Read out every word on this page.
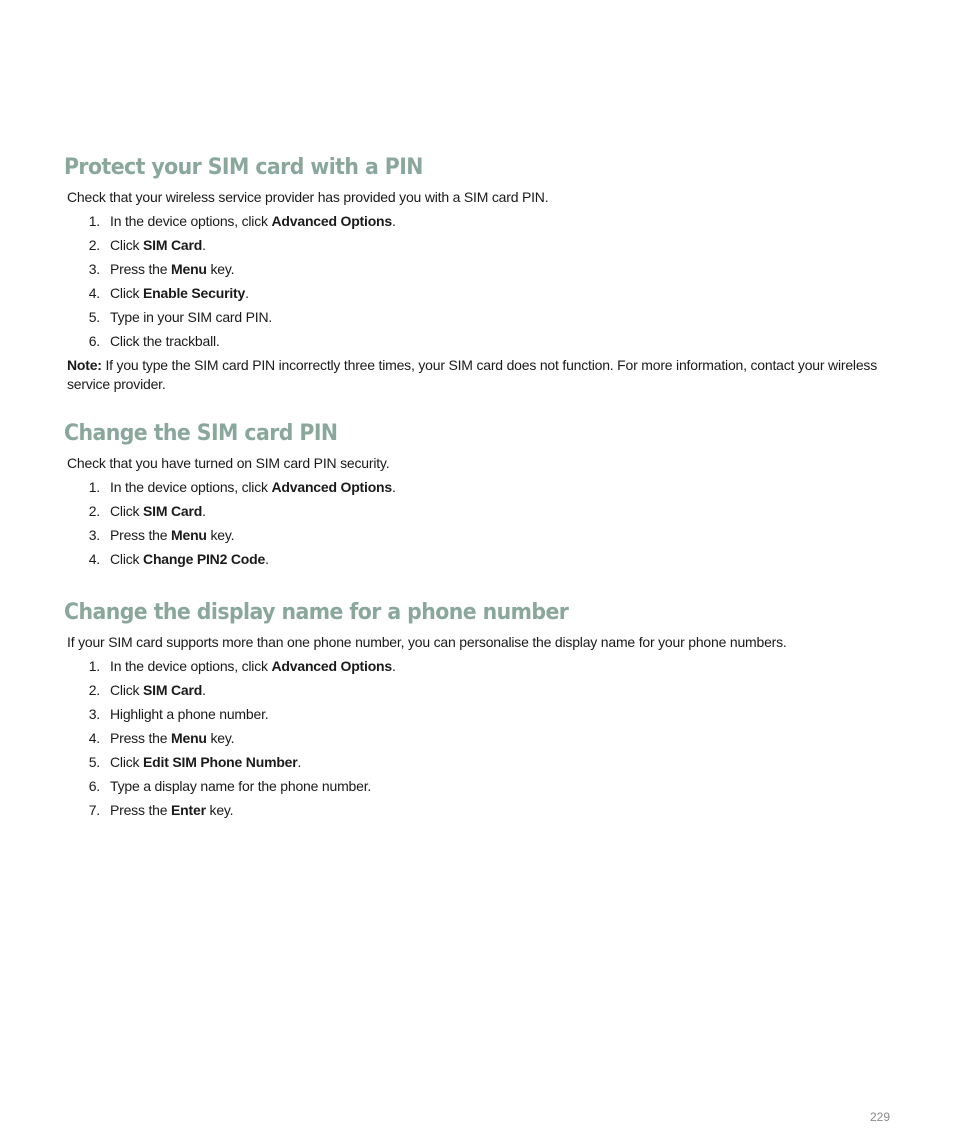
Protect your SIM card with a PIN

Check that your wireless service provider has provided you with a SIM card PIN.

1. In the device options, click Advanced Options.
2. Click SIM Card.
3. Press the Menu key.
4. Click Enable Security.
5. Type in your SIM card PIN.
6. Click the trackball.

Note: If you type the SIM card PIN incorrectly three times, your SIM card does not function. For more information, contact your wireless service provider.

Change the SIM card PIN

Check that you have turned on SIM card PIN security.

1. In the device options, click Advanced Options.
2. Click SIM Card.
3. Press the Menu key.
4. Click Change PIN2 Code.
Change the display name for a phone number

If your SIM card supports more than one phone number, you can personalise the display name for your phone numbers.

1. In the device options, click Advanced Options.
2. Click SIM Card.
3. Highlight a phone number.
4. Press the Menu key.
5. Click Edit SIM Phone Number.
6. Type a display name for the phone number.
7. Press the Enter key.
229
